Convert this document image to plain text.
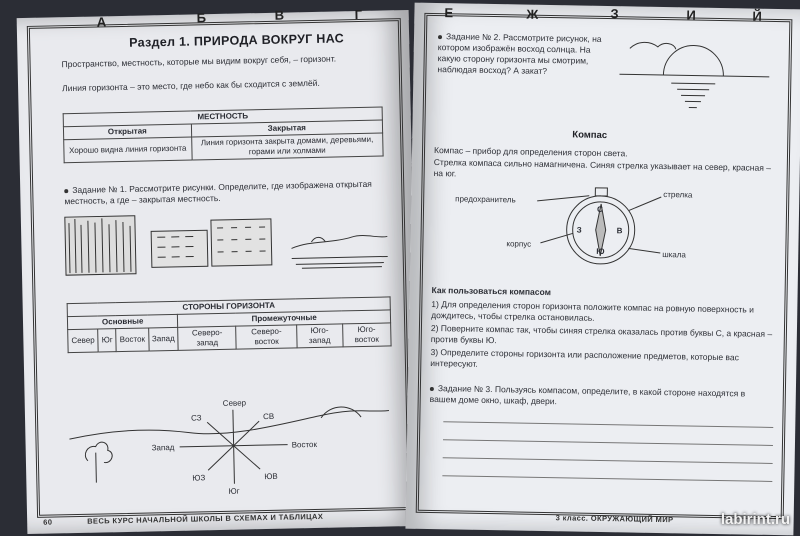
А	Б	В	Г
Раздел 1. ПРИРОДА ВОКРУГ НАС
Пространство, местность, которые мы видим вокруг себя, – горизонт.
Линия горизонта – это место, где небо как бы сходится с землёй.
МЕСТНОСТЬ	
Открытая	Закрытая
Хорошо видна линия горизонта	Линия горизонта закрыта домами, деревьями, горами или холмами
Задание № 1. Рассмотрите рисунки. Определите, где изображена открытая местность, а где – закрытая местность.
СТОРОНЫ ГОРИЗОНТА							
Основные				Промежуточные			
Север	Юг	Восток	Запад	Северо-запад	Северо-восток	Юго-запад	Юго-восток
Север
СВ
Восток
ЮВ
Юг
ЮЗ
Запад
СЗ
60	ВЕСЬ КУРС НАЧАЛЬНОЙ ШКОЛЫ В СХЕМАХ И ТАБЛИЦАХ
Е	Ж	З	И	Й
Задание № 2. Рассмотрите рисунок, на котором изображён восход солнца. На какую сторону горизонта мы смотрим, наблюдая восход? А закат?
Компас
Компас – прибор для определения сторон света.
Стрелка компаса сильно намагничена. Синяя стрелка указывает на север, красная – на юг.
предохранитель	стрелка
корпус
шкала
С
З	В
Ю
Как пользоваться компасом
1) Для определения сторон горизонта положите компас на ровную поверхность и дождитесь, чтобы стрелка остановилась.
2) Поверните компас так, чтобы синяя стрелка оказалась против буквы С, а красная – против буквы Ю.
3) Определите стороны горизонта или расположение предметов, которые вас интересуют.
Задание № 3. Пользуясь компасом, определите, в какой стороне находятся в вашем доме окно, шкаф, двери.
3 класс. ОКРУЖАЮЩИЙ МИР	labirint.ru
